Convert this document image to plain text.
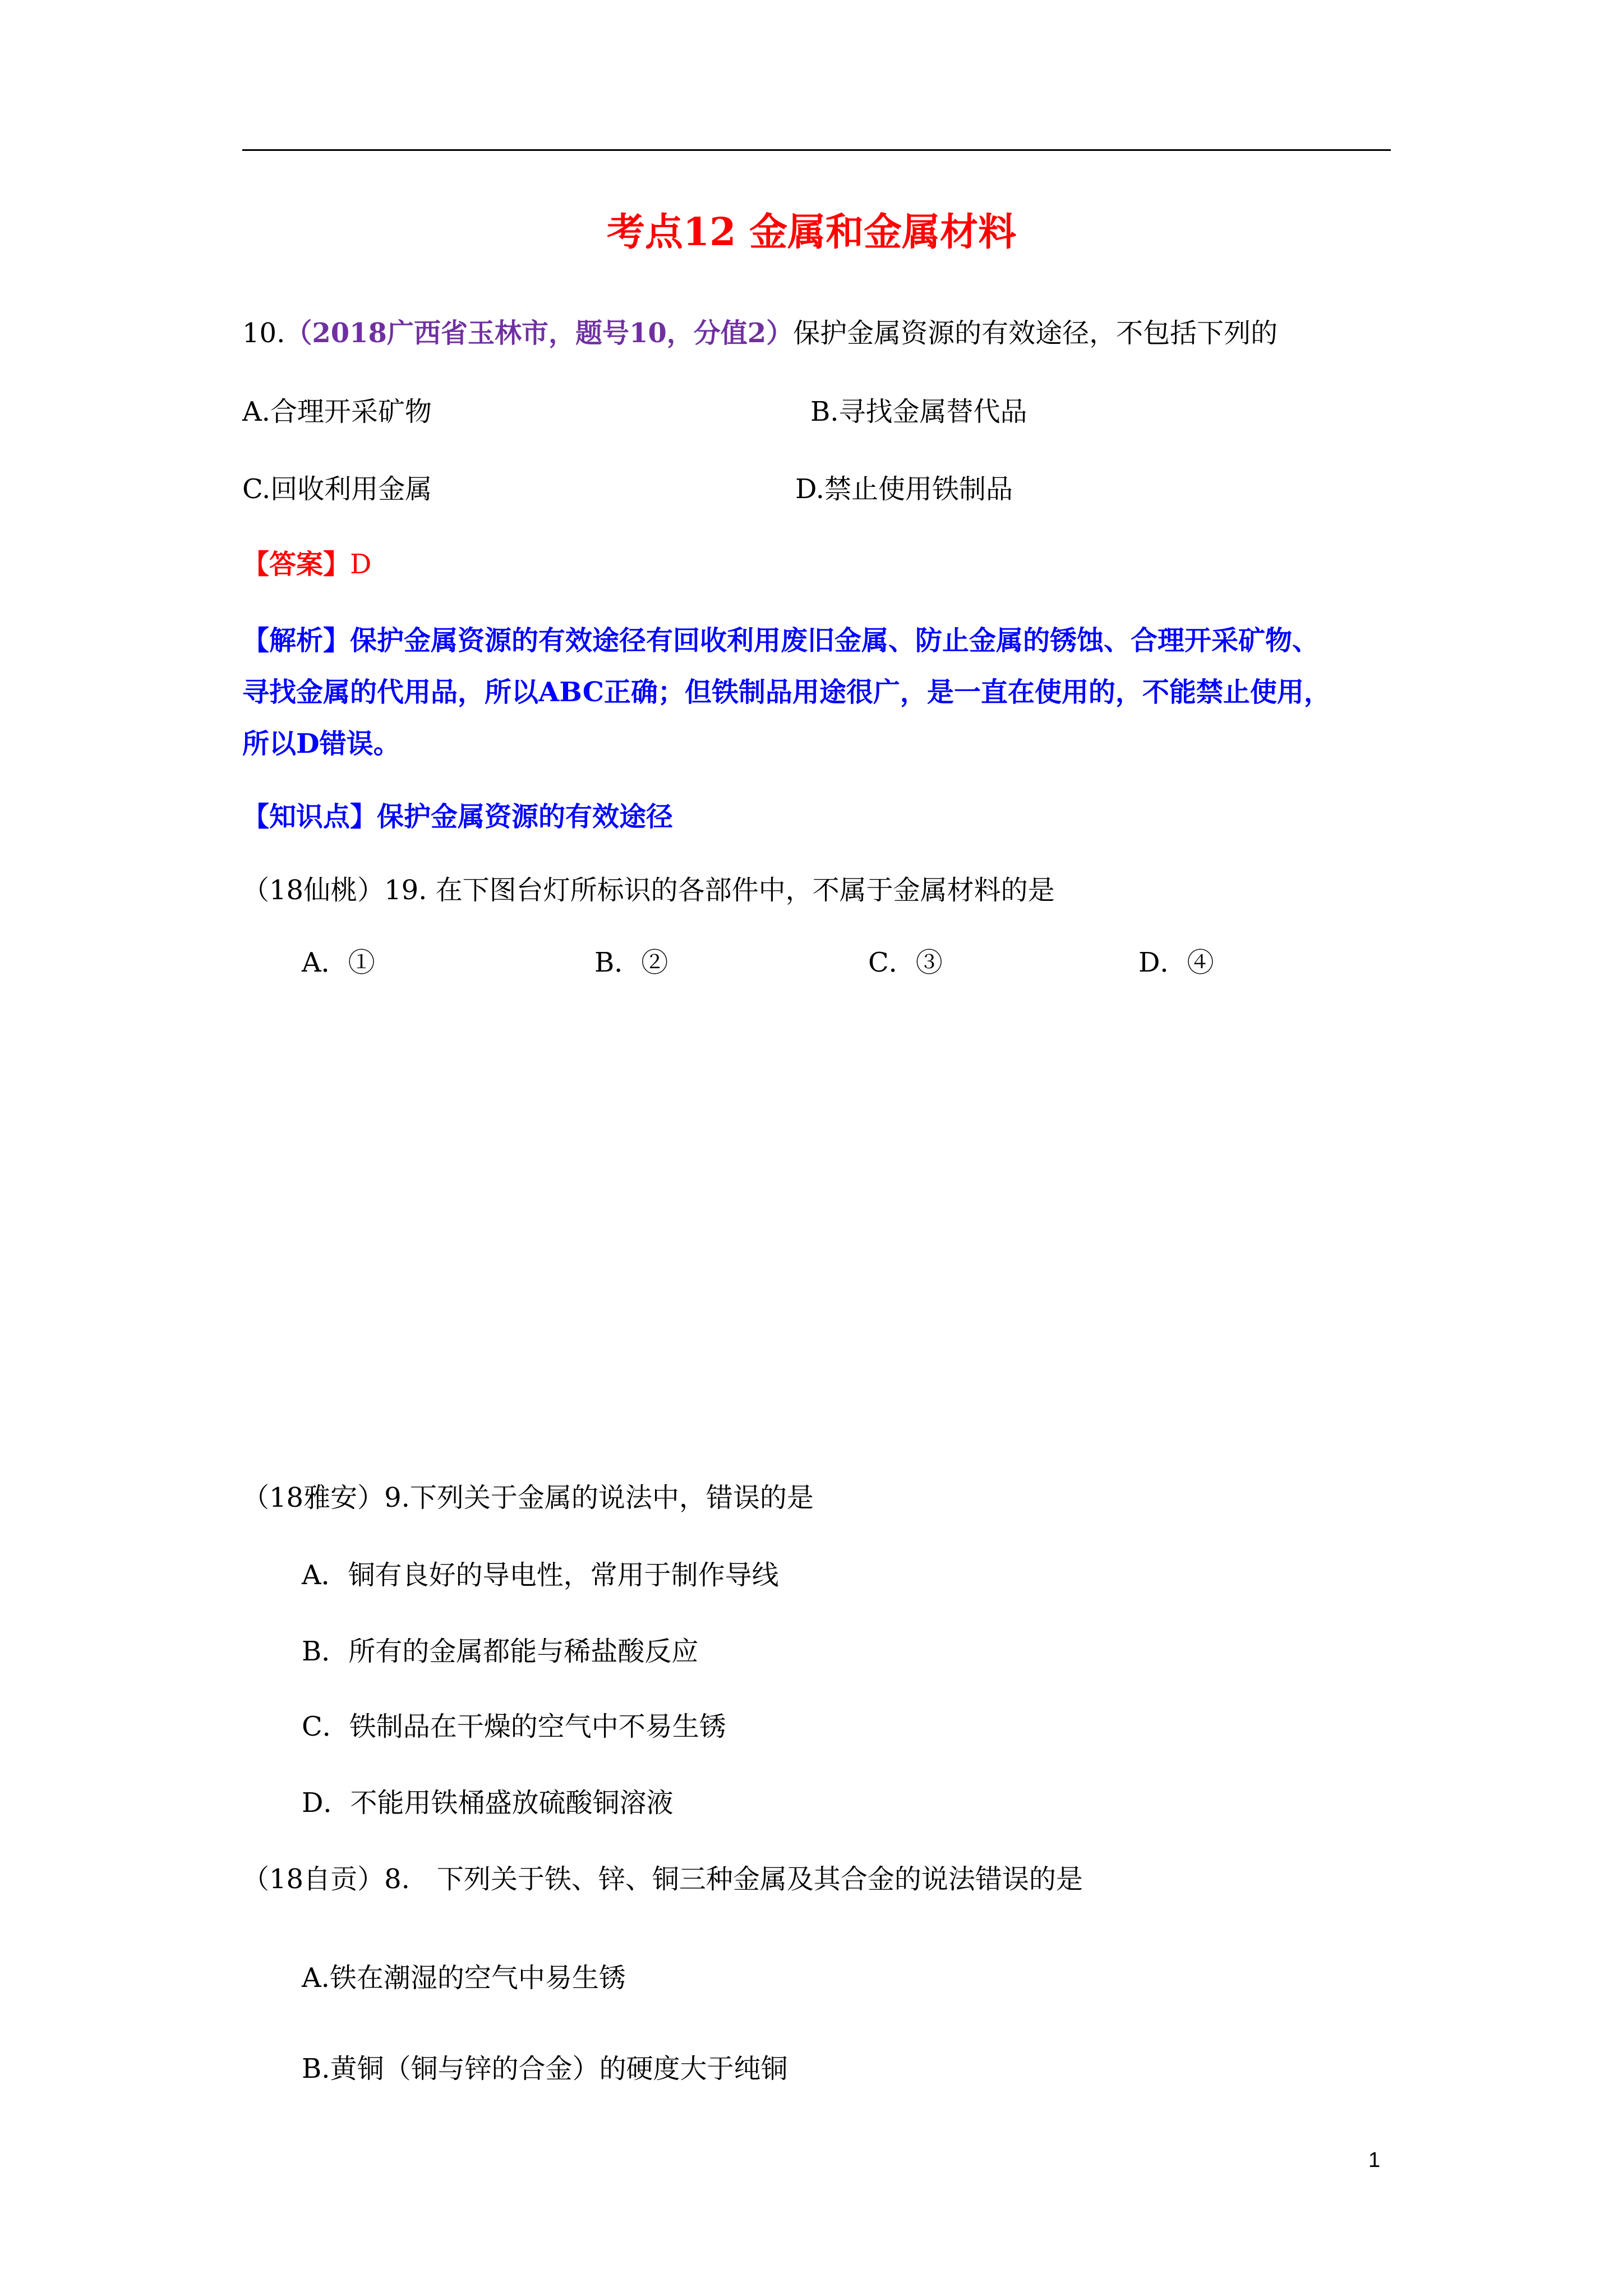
考点12 金属和金属材料
10.（2018广西省玉林市，题号10，分值2）保护金属资源的有效途径，不包括下列的
A.合理开采矿物	B.寻找金属替代品
C.回收利用金属	D.禁止使用铁制品
【答案】D
【解析】保护金属资源的有效途径有回收利用废旧金属、防止金属的锈蚀、合理开采矿物、
寻找金属的代用品，所以ABC正确；但铁制品用途很广，是一直在使用的，不能禁止使用，
所以D错误。
【知识点】保护金属资源的有效途径
（18仙桃）19. 在下图台灯所标识的各部件中，不属于金属材料的是
A．①	B．②	C．③	D．④
（18雅安）9.下列关于金属的说法中，错误的是
A．铜有良好的导电性，常用于制作导线
B．所有的金属都能与稀盐酸反应
C．铁制品在干燥的空气中不易生锈
D．不能用铁桶盛放硫酸铜溶液
（18自贡）8.　下列关于铁、锌、铜三种金属及其合金的说法错误的是
A.铁在潮湿的空气中易生锈
B.黄铜（铜与锌的合金）的硬度大于纯铜
1
